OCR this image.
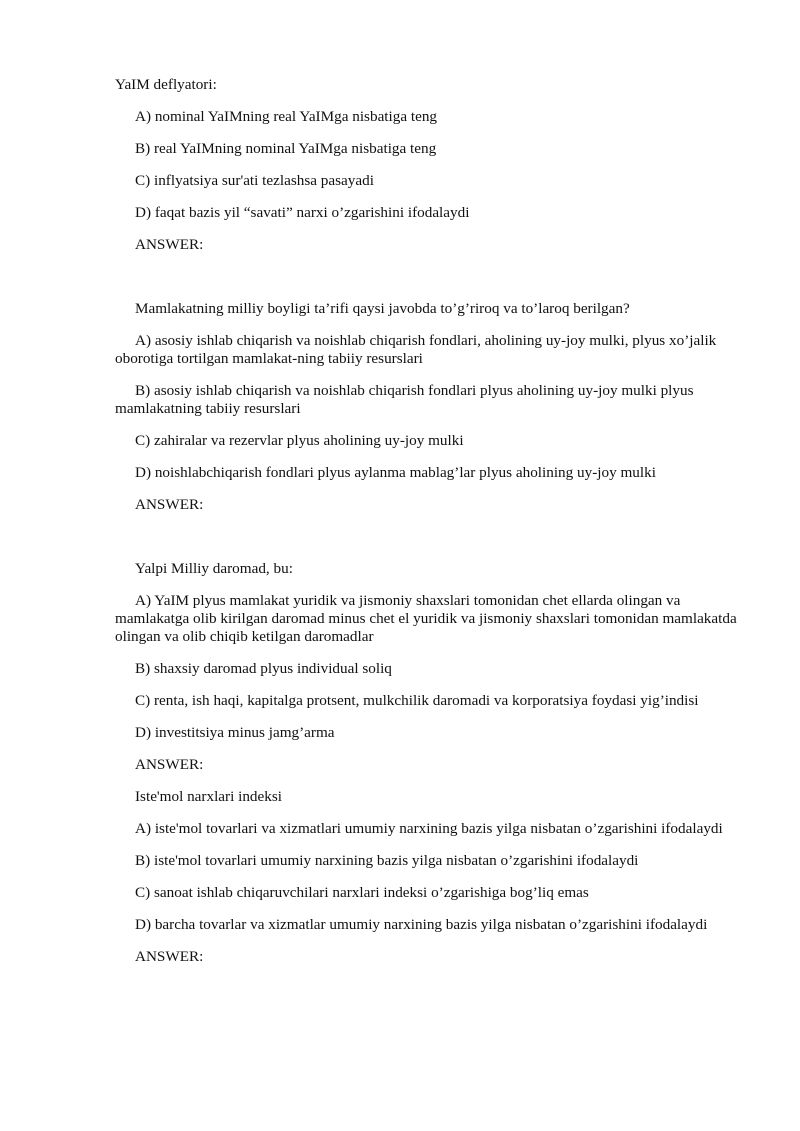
YaIM deflyatori:

A) nominal YaIMning real YaIMga nisbatiga teng

B) real YaIMning nominal YaIMga nisbatiga teng

C) inflyatsiya sur'ati tezlashsa pasayadi

D) faqat bazis yil “savati” narxi o’zgarishini ifodalaydi

ANSWER:

Mamlakatning milliy boyligi ta’rifi qaysi javobda to’g’riroq va to’laroq berilgan?

A) asosiy ishlab chiqarish va noishlab chiqarish fondlari, aholining uy-joy mulki, plyus xo’jalik oborotiga tortilgan mamlakat-ning tabiiy resurslari

B) asosiy ishlab chiqarish va noishlab chiqarish fondlari plyus aholining uy-joy mulki plyus mamlakatning tabiiy resurslari

C) zahiralar va rezervlar plyus aholining uy-joy mulki

D) noishlabchiqarish fondlari plyus aylanma mablag’lar plyus aholining uy-joy mulki

ANSWER:

Yalpi Milliy daromad, bu:

A) YaIM plyus mamlakat yuridik va jismoniy shaxslari tomonidan chet ellarda olingan va mamlakatga olib kirilgan daromad minus chet el yuridik va jismoniy shaxslari tomonidan mamlakatda olingan va olib chiqib ketilgan daromadlar

B) shaxsiy daromad plyus individual soliq

C) renta, ish haqi, kapitalga protsent, mulkchilik daromadi va korporatsiya foydasi yig’indisi

D) investitsiya minus jamg’arma

ANSWER:

Iste'mol narxlari indeksi

A) iste'mol tovarlari va xizmatlari umumiy narxining bazis yilga nisbatan o’zgarishini ifodalaydi

B) iste'mol tovarlari umumiy narxining bazis yilga nisbatan o’zgarishini ifodalaydi

C) sanoat ishlab chiqaruvchilari narxlari indeksi o’zgarishiga bog’liq emas

D) barcha tovarlar va xizmatlar umumiy narxining bazis yilga nisbatan o’zgarishini ifodalaydi

ANSWER:
